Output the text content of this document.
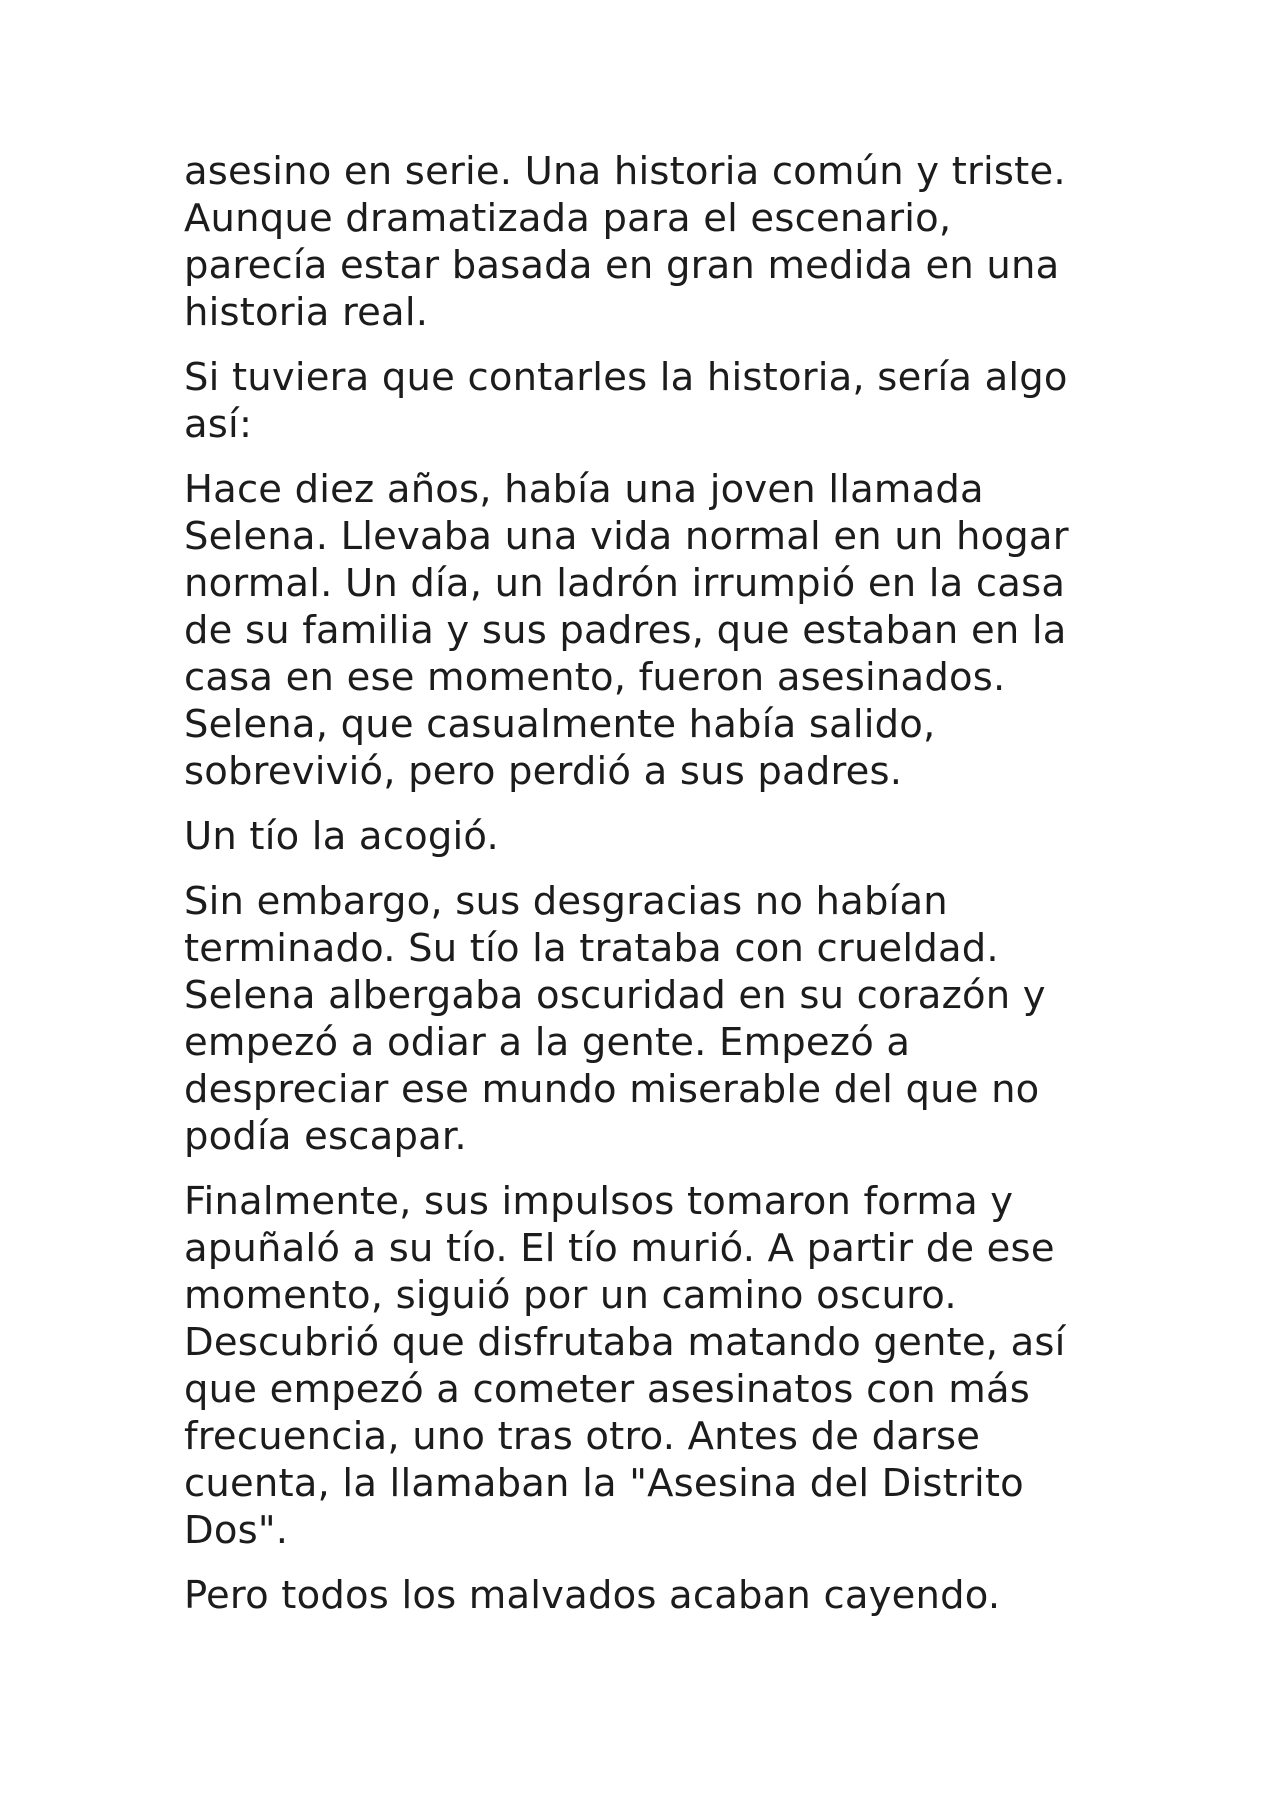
asesino en serie. Una historia común y triste.
Aunque dramatizada para el escenario,
parecía estar basada en gran medida en una
historia real.

Si tuviera que contarles la historia, sería algo
así:

Hace diez años, había una joven llamada
Selena. Llevaba una vida normal en un hogar
normal. Un día, un ladrón irrumpió en la casa
de su familia y sus padres, que estaban en la
casa en ese momento, fueron asesinados.
Selena, que casualmente había salido,
sobrevivió, pero perdió a sus padres.

Un tío la acogió.

Sin embargo, sus desgracias no habían
terminado. Su tío la trataba con crueldad.
Selena albergaba oscuridad en su corazón y
empezó a odiar a la gente. Empezó a
despreciar ese mundo miserable del que no
podía escapar.

Finalmente, sus impulsos tomaron forma y
apuñaló a su tío. El tío murió. A partir de ese
momento, siguió por un camino oscuro.
Descubrió que disfrutaba matando gente, así
que empezó a cometer asesinatos con más
frecuencia, uno tras otro. Antes de darse
cuenta, la llamaban la "Asesina del Distrito
Dos".

Pero todos los malvados acaban cayendo.
